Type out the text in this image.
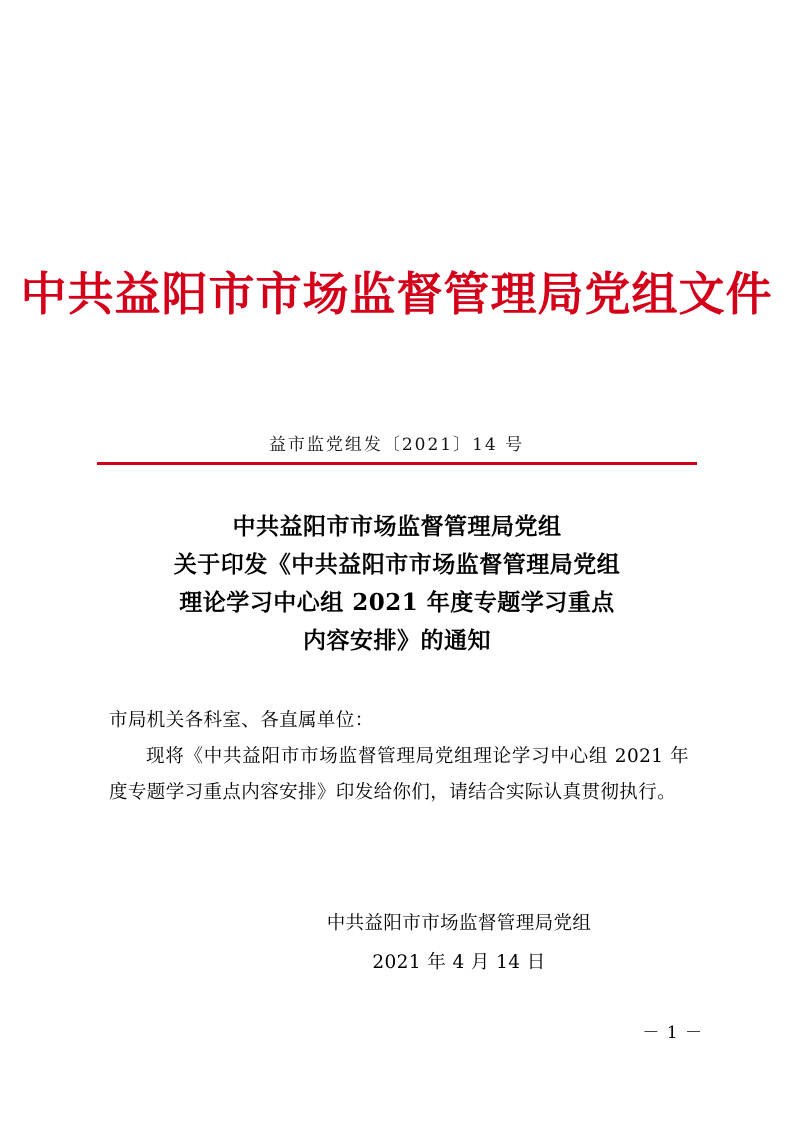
中共益阳市市场监督管理局党组文件
益市监党组发〔2021〕14 号
中共益阳市市场监督管理局党组
关于印发《中共益阳市市场监督管理局党组
理论学习中心组 2021 年度专题学习重点
内容安排》的通知
市局机关各科室、各直属单位：
现将《中共益阳市市场监督管理局党组理论学习中心组 2021 年度专题学习重点内容安排》印发给你们，请结合实际认真贯彻执行。
中共益阳市市场监督管理局党组
2021 年 4 月 14 日
－ 1 －
